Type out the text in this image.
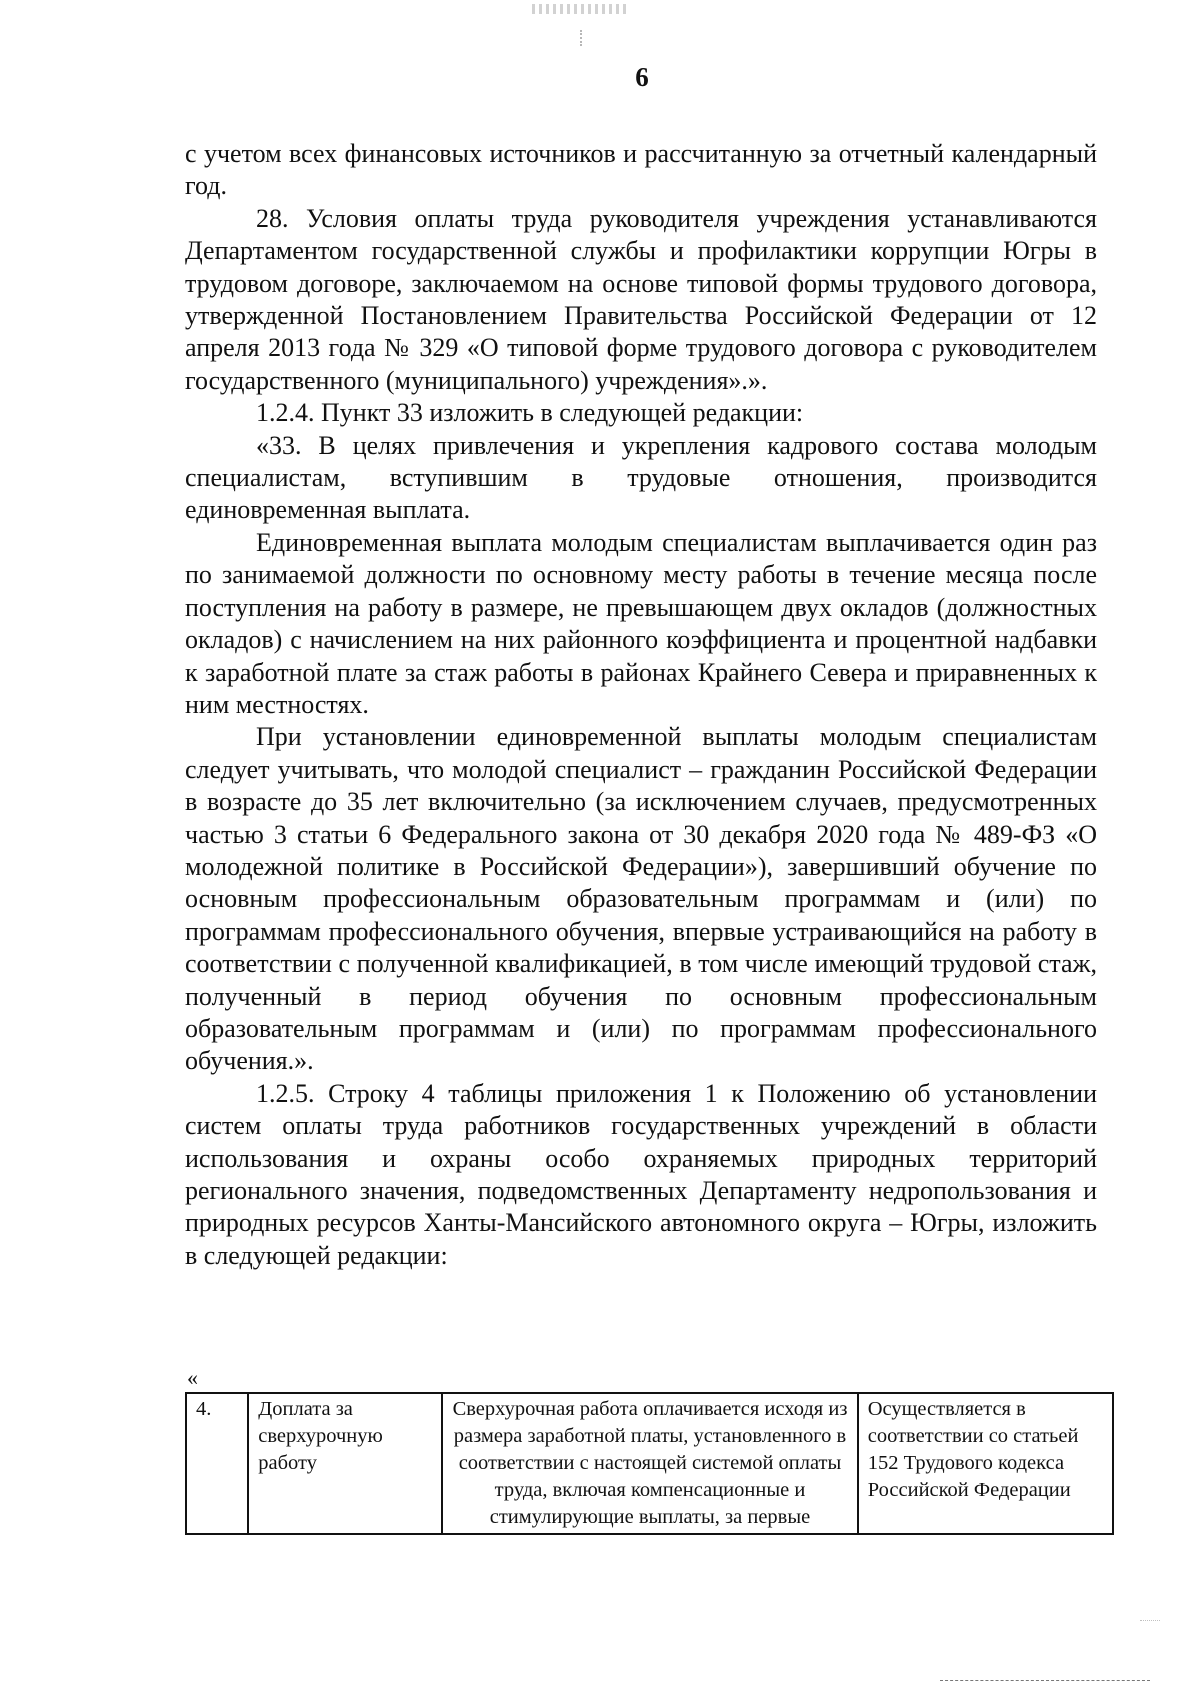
6

с учетом всех финансовых источников и рассчитанную за отчетный календарный год.

28. Условия оплаты труда руководителя учреждения устанавливаются Департаментом государственной службы и профилактики коррупции Югры в трудовом договоре, заключаемом на основе типовой формы трудового договора, утвержденной Постановлением Правительства Российской Федерации от 12 апреля 2013 года № 329 «О типовой форме трудового договора с руководителем государственного (муниципального) учреждения».».

1.2.4. Пункт 33 изложить в следующей редакции:

«33. В целях привлечения и укрепления кадрового состава молодым специалистам, вступившим в трудовые отношения, производится единовременная выплата.

Единовременная выплата молодым специалистам выплачивается один раз по занимаемой должности по основному месту работы в течение месяца после поступления на работу в размере, не превышающем двух окладов (должностных окладов) с начислением на них районного коэффициента и процентной надбавки к заработной плате за стаж работы в районах Крайнего Севера и приравненных к ним местностях.

При установлении единовременной выплаты молодым специалистам следует учитывать, что молодой специалист – гражданин Российской Федерации в возрасте до 35 лет включительно (за исключением случаев, предусмотренных частью 3 статьи 6 Федерального закона от 30 декабря 2020 года № 489-ФЗ «О молодежной политике в Российской Федерации»), завершивший обучение по основным профессиональным образовательным программам и (или) по программам профессионального обучения, впервые устраивающийся на работу в соответствии с полученной квалификацией, в том числе имеющий трудовой стаж, полученный в период обучения по основным профессиональным образовательным программам и (или) по программам профессионального обучения.».

1.2.5. Строку 4 таблицы приложения 1 к Положению об установлении систем оплаты труда работников государственных учреждений в области использования и охраны особо охраняемых природных территорий регионального значения, подведомственных Департаменту недропользования и природных ресурсов Ханты-Мансийского автономного округа – Югры, изложить в следующей редакции:

«
4.	Доплата за сверхурочную работу	Сверхурочная работа оплачивается исходя из размера заработной платы, установленного в соответствии с настоящей системой оплаты труда, включая компенсационные и стимулирующие выплаты, за первые	Осуществляется в соответствии со статьей 152 Трудового кодекса Российской Федерации
